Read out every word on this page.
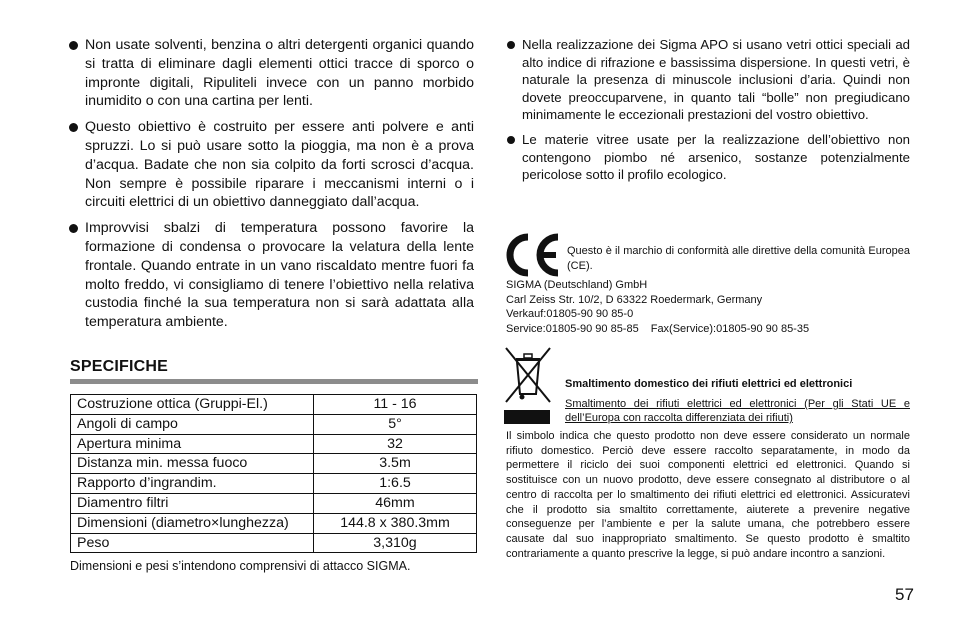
Non usate solventi, benzina o altri detergenti organici quando si tratta di eliminare dagli elementi ottici tracce di sporco o impronte digitali, Ripuliteli invece con un panno morbido inumidito o con una cartina per lenti.
Questo obiettivo è costruito per essere anti polvere e anti spruzzi. Lo si può usare sotto la pioggia, ma non è a prova d’acqua. Badate che non sia colpito da forti scrosci d’acqua. Non sempre è possibile riparare i meccanismi interni o i circuiti elettrici di un obiettivo danneggiato dall’acqua.
Improvvisi sbalzi di temperatura possono favorire la formazione di condensa o provocare la velatura della lente frontale. Quando entrate in un vano riscaldato mentre fuori fa molto freddo, vi consigliamo di tenere l’obiettivo nella relativa custodia finché la sua temperatura non si sarà adattata alla temperatura ambiente.
SPECIFICHE
Costruzione ottica (Gruppi-El.)	11 - 16
Angoli di campo	5°
Apertura minima	32
Distanza min. messa fuoco	3.5m
Rapporto d’ingrandim.	1:6.5
Diamentro filtri	46mm
Dimensioni (diametro×lunghezza)	144.8 x 380.3mm
Peso	3,310g
Dimensioni e pesi s’intendono comprensivi di attacco SIGMA.
Nella realizzazione dei Sigma APO si usano vetri ottici speciali ad alto indice di rifrazione e bassissima dispersione. In questi vetri, è naturale la presenza di minuscole inclusioni d’aria. Quindi non dovete preoccuparvene, in quanto tali “bolle” non pregiudicano minimamente le eccezionali prestazioni del vostro obiettivo.
Le materie vitree usate per la realizzazione dell’obiettivo non contengono piombo né arsenico, sostanze potenzialmente pericolose sotto il profilo ecologico.
Questo è il marchio di conformità alle direttive della comunità Europea (CE).
SIGMA (Deutschland) GmbH
Carl Zeiss Str. 10/2, D 63322 Roedermark, Germany
Verkauf:01805-90 90 85-0
Service:01805-90 90 85-85 Fax(Service):01805-90 90 85-35
Smaltimento domestico dei rifiuti elettrici ed elettronici
Smaltimento dei rifiuti elettrici ed elettronici (Per gli Stati UE e dell’Europa con raccolta differenziata dei rifiuti)
Il simbolo indica che questo prodotto non deve essere considerato un normale rifiuto domestico. Perciò deve essere raccolto separatamente, in modo da permettere il riciclo dei suoi componenti elettrici ed elettronici. Quando si sostituisce con un nuovo prodotto, deve essere consegnato al distributore o al centro di raccolta per lo smaltimento dei rifiuti elettrici ed elettronici. Assicuratevi che il prodotto sia smaltito correttamente, aiuterete a prevenire negative conseguenze per l’ambiente e per la salute umana, che potrebbero essere causate dal suo inappropriato smaltimento. Se questo prodotto è smaltito contrariamente a quanto prescrive la legge, si può andare incontro a sanzioni.
57
